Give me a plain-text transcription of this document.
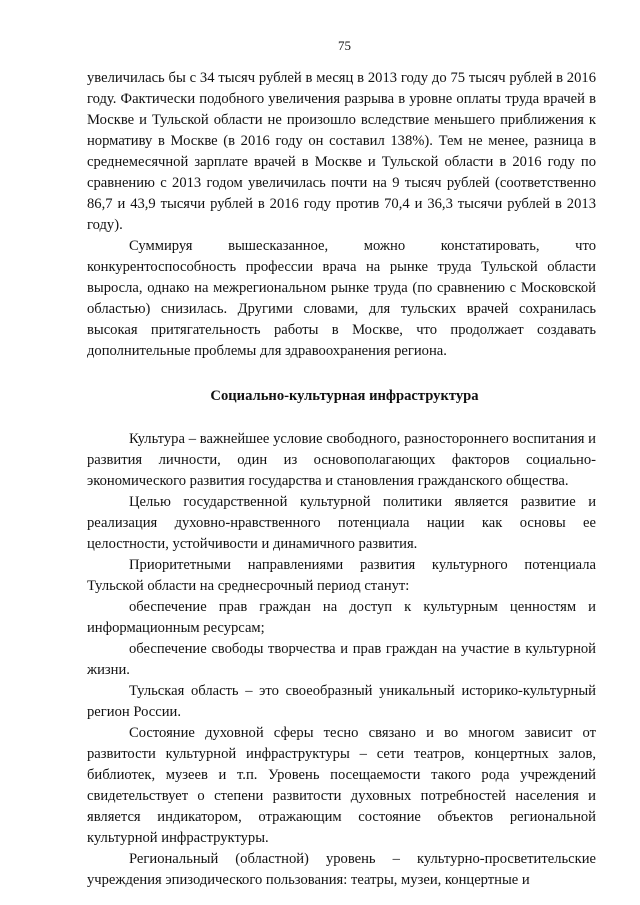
75

увеличилась бы с 34 тысяч рублей в месяц в 2013 году до 75 тысяч рублей в 2016 году. Фактически подобного увеличения разрыва в уровне оплаты труда врачей в Москве и Тульской области не произошло вследствие меньшего приближения к нормативу в Москве (в 2016 году он составил 138%). Тем не менее, разница в среднемесячной зарплате врачей в Москве и Тульской области в 2016 году по сравнению с 2013 годом увеличилась почти на 9 тысяч рублей (соответственно 86,7 и 43,9 тысячи рублей в 2016 году против 70,4 и 36,3 тысячи рублей в 2013 году).

Суммируя вышесказанное, можно констатировать, что конкурентоспособность профессии врача на рынке труда Тульской области выросла, однако на межрегиональном рынке труда (по сравнению с Московской областью) снизилась. Другими словами, для тульских врачей сохранилась высокая притягательность работы в Москве, что продолжает создавать дополнительные проблемы для здравоохранения региона.

Социально-культурная инфраструктура

Культура – важнейшее условие свободного, разностороннего воспитания и развития личности, один из основополагающих факторов социально-экономического развития государства и становления гражданского общества.

Целью государственной культурной политики является развитие и реализация духовно-нравственного потенциала нации как основы ее целостности, устойчивости и динамичного развития.

Приоритетными направлениями развития культурного потенциала Тульской области на среднесрочный период станут:

обеспечение прав граждан на доступ к культурным ценностям и информационным ресурсам;

обеспечение свободы творчества и прав граждан на участие в культурной жизни.

Тульская область – это своеобразный уникальный историко-культурный регион России.

Состояние духовной сферы тесно связано и во многом зависит от развитости культурной инфраструктуры – сети театров, концертных залов, библиотек, музеев и т.п. Уровень посещаемости такого рода учреждений свидетельствует о степени развитости духовных потребностей населения и является индикатором, отражающим состояние объектов региональной культурной инфраструктуры.

Региональный (областной) уровень – культурно-просветительские учреждения эпизодического пользования: театры, музеи, концертные и
